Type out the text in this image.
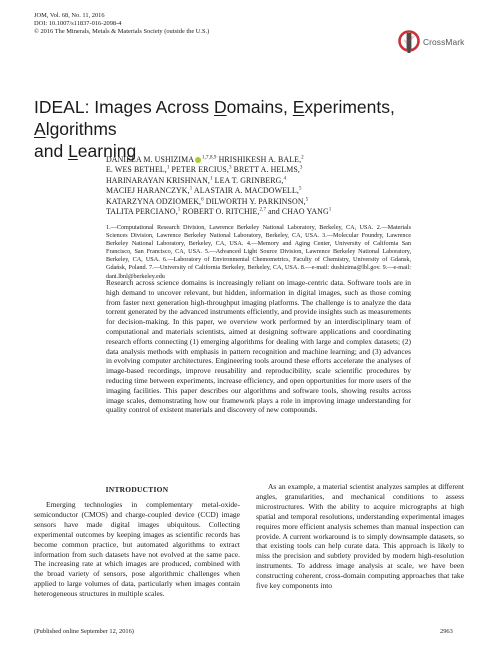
JOM, Vol. 68, No. 11, 2016
DOI: 10.1007/s11837-016-2098-4
© 2016 The Minerals, Metals & Materials Society (outside the U.S.)
CrossMark
IDEAL: Images Across Domains, Experiments, Algorithms
and Learning
DANIELA M. USHIZIMA $^{1,7,8,9}$ HRISHIKESH A. BALE,$^2$
E. WES BETHEL,$^1$ PETER ERCIUS,$^3$ BRETT A. HELMS,$^3$
HARINARAYAN KRISHNAN,$^1$ LEA T. GRINBERG,$^4$
MACIEJ HARANCZYK,$^1$ ALASTAIR A. MACDOWELL,$^5$
KATARZYNA ODZIOMEK,$^6$ DILWORTH Y. PARKINSON,$^5$
TALITA PERCIANO,$^1$ ROBERT O. RITCHIE,$^{2,7}$ and CHAO YANG$^1$
1.—Computational Research Division, Lawrence Berkeley National Laboratory, Berkeley, CA, USA. 2.—Materials Sciences Division, Lawrence Berkeley National Laboratory, Berkeley, CA, USA. 3.—Molecular Foundry, Lawrence Berkeley National Laboratory, Berkeley, CA, USA. 4.—Memory and Aging Center, University of California San Francisco, San Francisco, CA, USA. 5.—Advanced Light Source Division, Lawrence Berkeley National Laboratory, Berkeley, CA, USA. 6.—Laboratory of Environmental Chemometrics, Faculty of Chemistry, University of Gdansk, Gdańsk, Poland. 7.—University of California Berkeley, Berkeley, CA, USA. 8.—e-mail: dushizima@lbl.gov. 9.—e-mail: dani.lbnl@berkeley.edu
Research across science domains is increasingly reliant on image-centric data. Software tools are in high demand to uncover relevant, but hidden, information in digital images, such as those coming from faster next generation high-throughput imaging platforms. The challenge is to analyze the data torrent generated by the advanced instruments efficiently, and provide insights such as measurements for decision-making. In this paper, we overview work performed by an interdisciplinary team of computational and materials scientists, aimed at designing software applications and coordinating research efforts connecting (1) emerging algorithms for dealing with large and complex datasets; (2) data analysis methods with emphasis in pattern recognition and machine learning; and (3) advances in evolving computer architectures. Engineering tools around these efforts accelerate the analyses of image-based recordings, improve reusability and reproducibility, scale scientific procedures by reducing time between experiments, increase efficiency, and open opportunities for more users of the imaging facilities. This paper describes our algorithms and software tools, showing results across image scales, demonstrating how our framework plays a role in improving image understanding for quality control of existent materials and discovery of new compounds.
INTRODUCTION

Emerging technologies in complementary metal-oxide-semiconductor (CMOS) and charge-coupled device (CCD) image sensors have made digital images ubiquitous. Collecting experimental outcomes by keeping images as scientific records has become common practice, but automated algorithms to extract information from such datasets have not evolved at the same pace. The increasing rate at which images are produced, combined with the broad variety of sensors, pose algorithmic challenges when applied to large volumes of data, particularly when images contain heterogeneous structures in multiple scales.

As an example, a material scientist analyzes samples at different angles, granularities, and mechanical conditions to assess microstructures. With the ability to acquire micrographs at high spatial and temporal resolutions, understanding experimental images requires more efficient analysis schemes than manual inspection can provide. A current workaround is to simply downsample datasets, so that existing tools can help curate data. This approach is likely to miss the precision and subtlety provided by modern high-resolution instruments. To address image analysis at scale, we have been constructing coherent, cross-domain computing approaches that take five key components into

(Published online September 12, 2016)	2963
